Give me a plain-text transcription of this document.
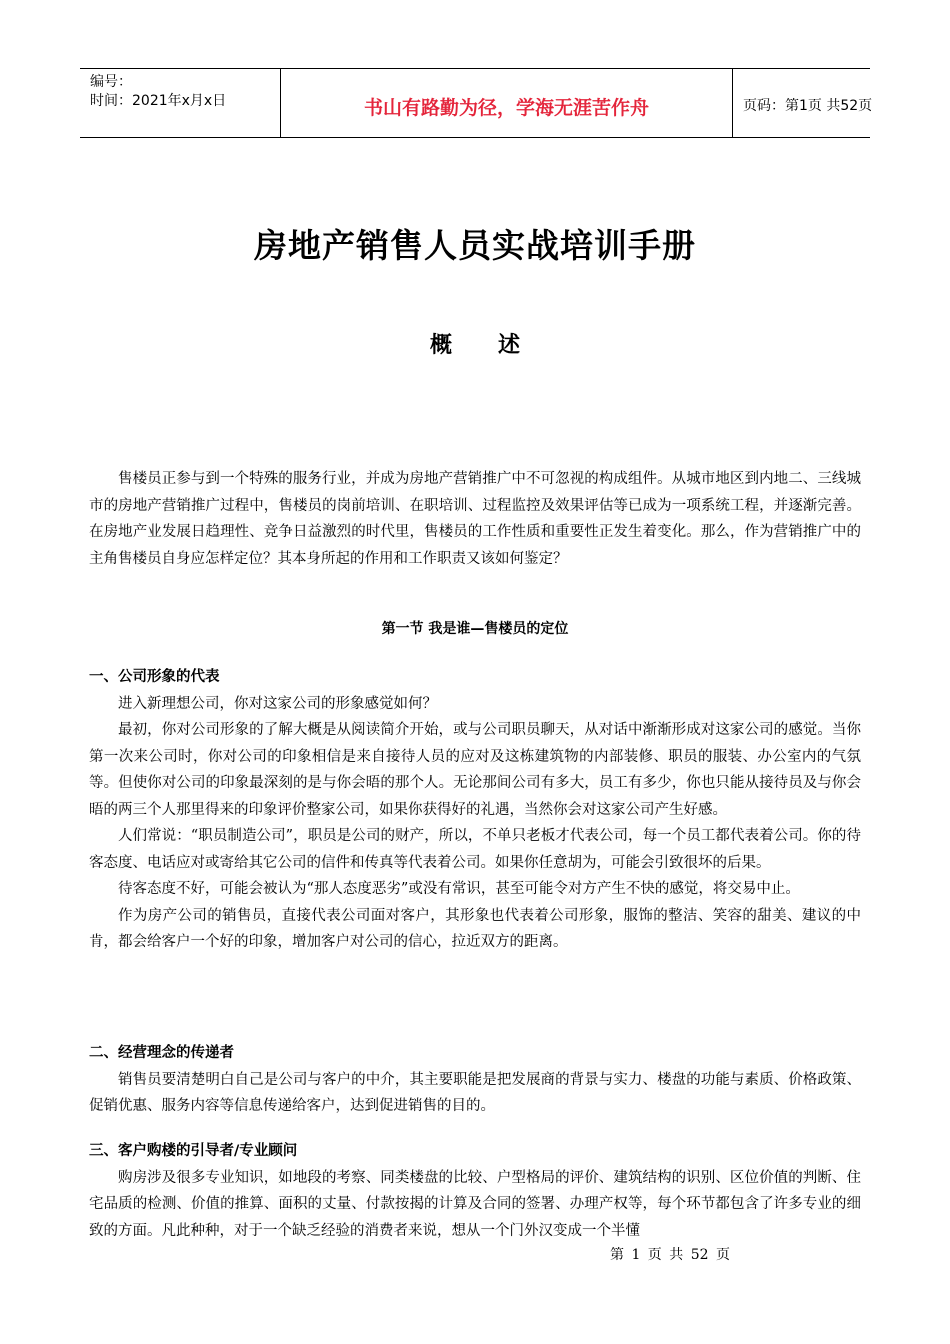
编号：
时间：2021年x月x日	书山有路勤为径，学海无涯苦作舟	页码：第1页 共52页
房地产销售人员实战培训手册
概述

售楼员正参与到一个特殊的服务行业，并成为房地产营销推广中不可忽视的构成组件。从城市地区到内地二、三线城市的房地产营销推广过程中，售楼员的岗前培训、在职培训、过程监控及效果评估等已成为一项系统工程，并逐渐完善。在房地产业发展日趋理性、竞争日益激烈的时代里，售楼员的工作性质和重要性正发生着变化。那么，作为营销推广中的主角售楼员自身应怎样定位？其本身所起的作用和工作职责又该如何鉴定？

第一节 我是谁—售楼员的定位
一、公司形象的代表

进入新理想公司，你对这家公司的形象感觉如何？

最初，你对公司形象的了解大概是从阅读简介开始，或与公司职员聊天，从对话中渐渐形成对这家公司的感觉。当你第一次来公司时，你对公司的印象相信是来自接待人员的应对及这栋建筑物的内部装修、职员的服装、办公室内的气氛等。但使你对公司的印象最深刻的是与你会晤的那个人。无论那间公司有多大，员工有多少，你也只能从接待员及与你会晤的两三个人那里得来的印象评价整家公司，如果你获得好的礼遇，当然你会对这家公司产生好感。

人们常说：“职员制造公司”，职员是公司的财产，所以，不单只老板才代表公司，每一个员工都代表着公司。你的待客态度、电话应对或寄给其它公司的信件和传真等代表着公司。如果你任意胡为，可能会引致很坏的后果。

待客态度不好，可能会被认为“那人态度恶劣”或没有常识，甚至可能令对方产生不快的感觉，将交易中止。

作为房产公司的销售员，直接代表公司面对客户，其形象也代表着公司形象，服饰的整洁、笑容的甜美、建议的中肯，都会给客户一个好的印象，增加客户对公司的信心，拉近双方的距离。

二、经营理念的传递者

销售员要清楚明白自己是公司与客户的中介，其主要职能是把发展商的背景与实力、楼盘的功能与素质、价格政策、促销优惠、服务内容等信息传递给客户，达到促进销售的目的。

三、客户购楼的引导者/专业顾问

购房涉及很多专业知识，如地段的考察、同类楼盘的比较、户型格局的评价、建筑结构的识别、区位价值的判断、住宅品质的检测、价值的推算、面积的丈量、付款按揭的计算及合同的签署、办理产权等，每个环节都包含了许多专业的细致的方面。凡此种种，对于一个缺乏经验的消费者来说，想从一个门外汉变成一个半懂

第 1 页 共 52 页
